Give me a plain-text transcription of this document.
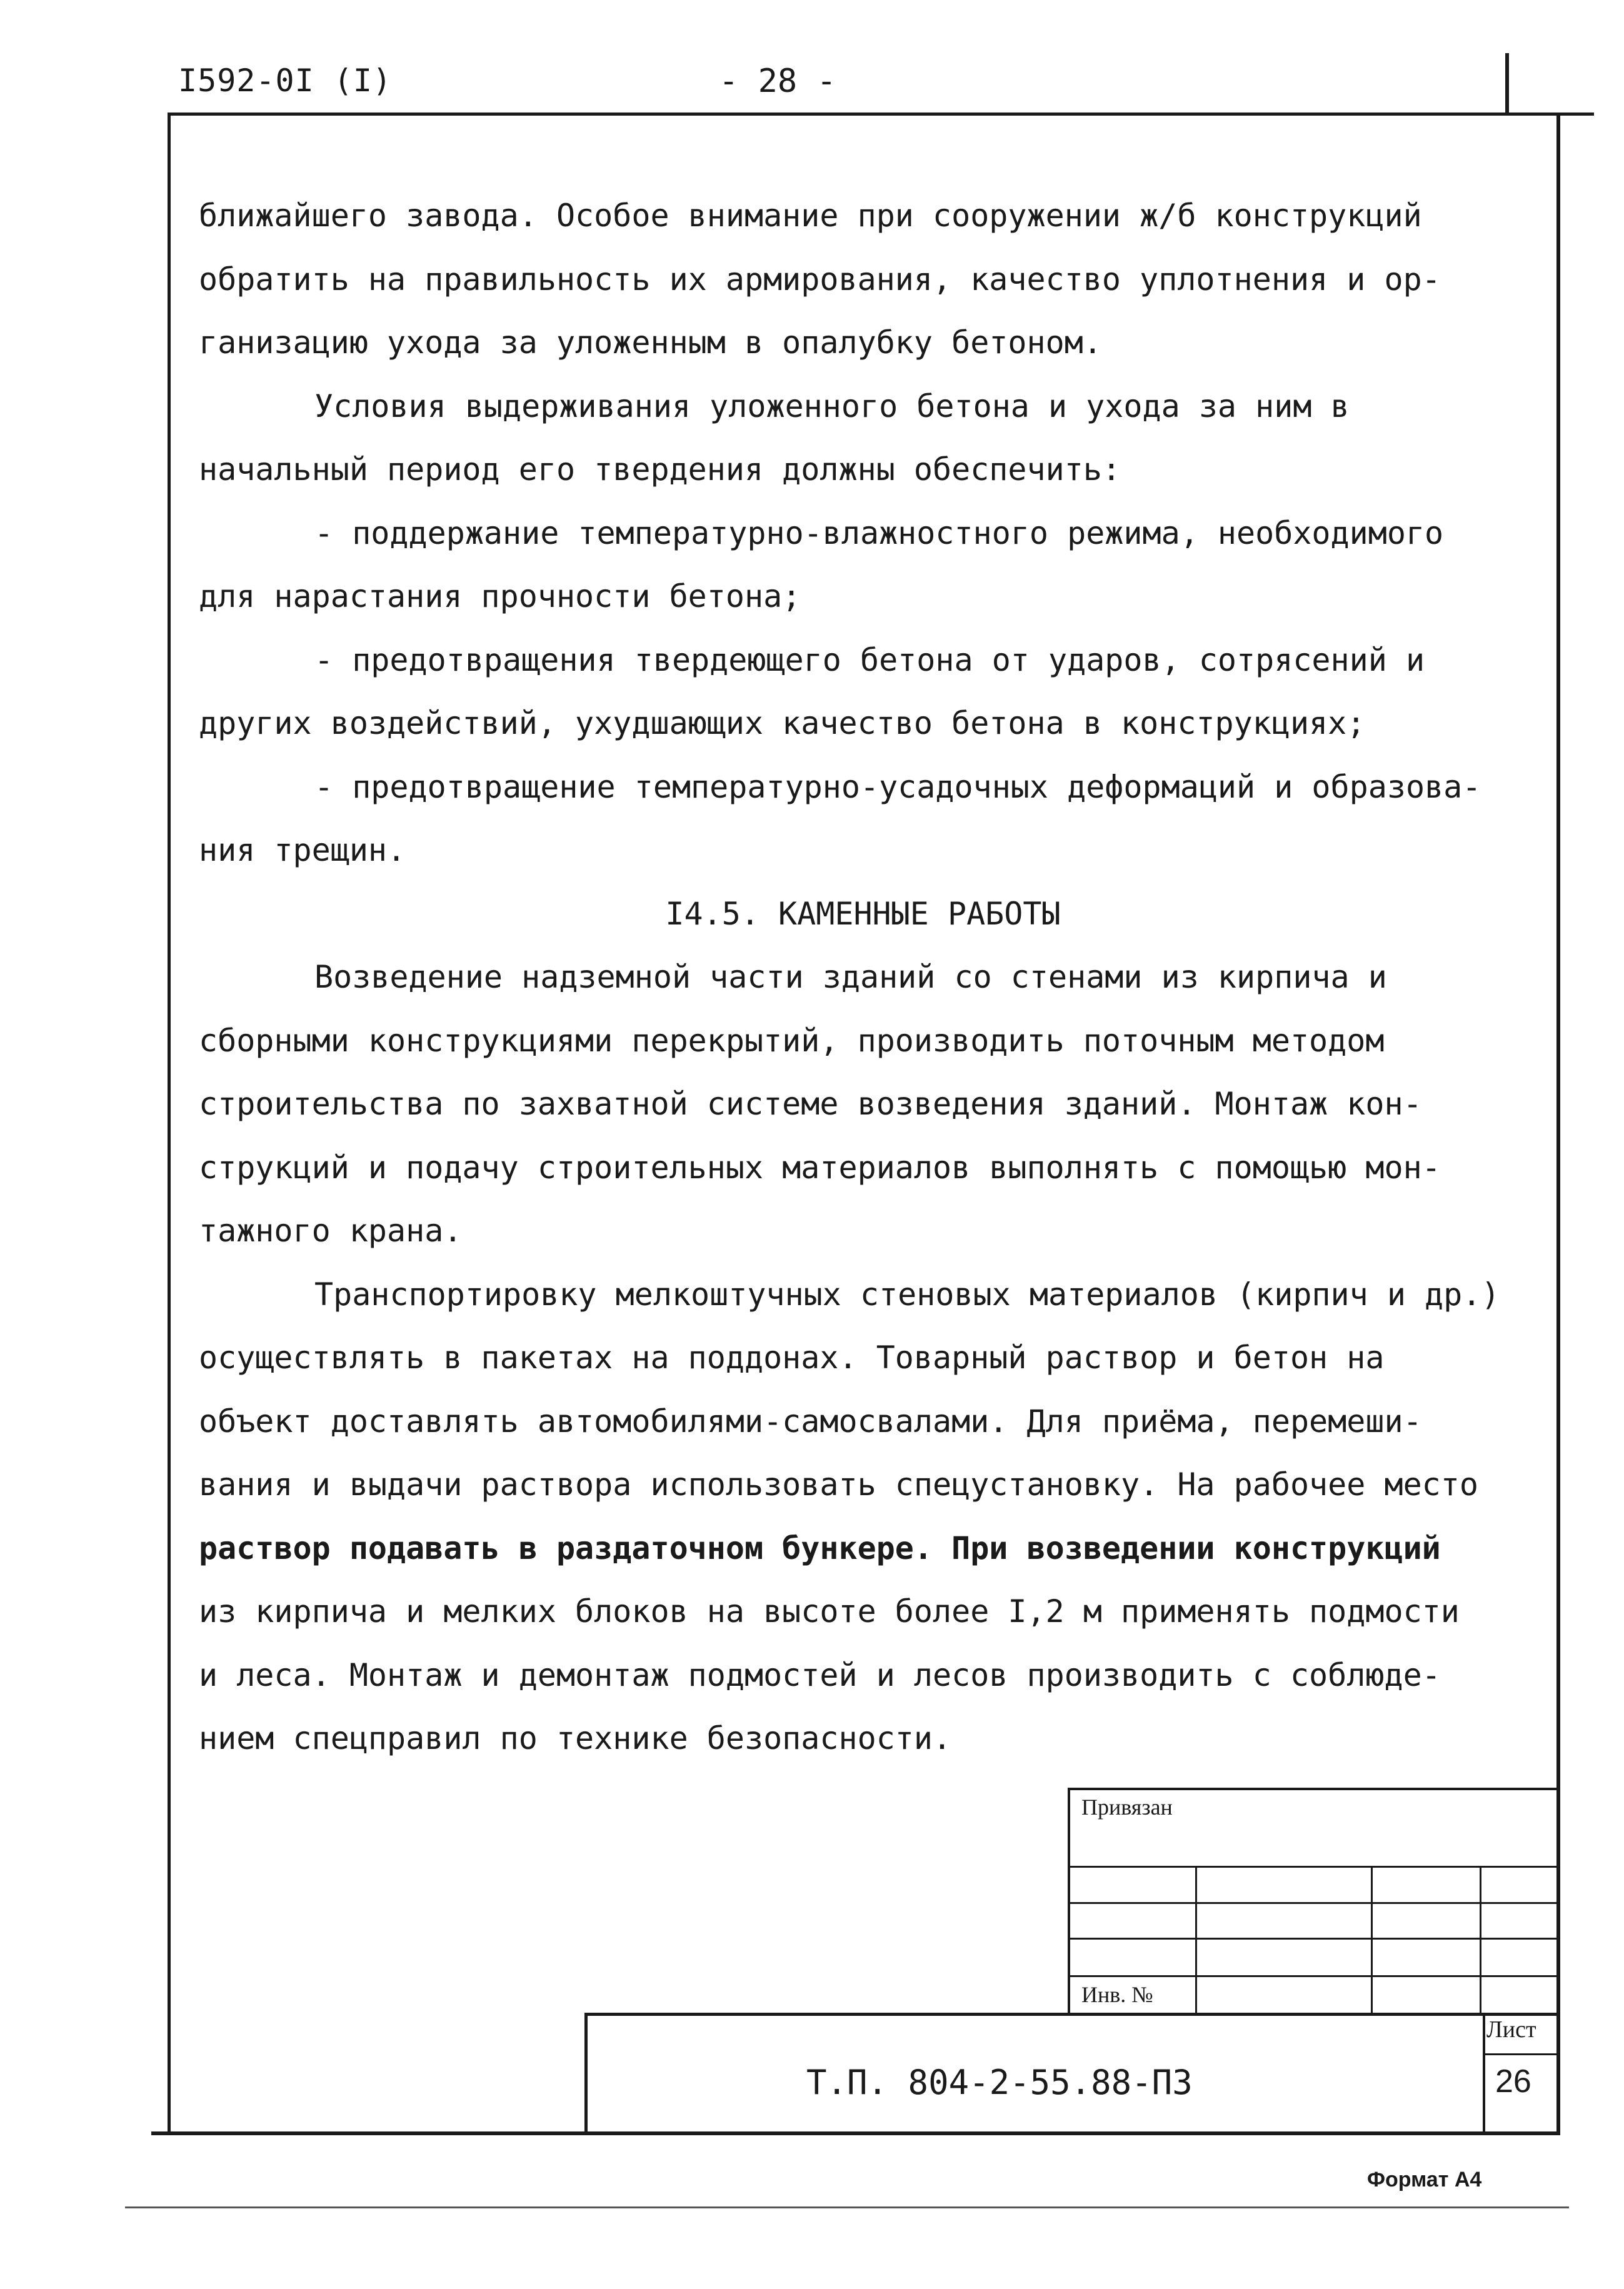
I592-0I (I)	- 28 -

ближайшего завода. Особое внимание при сооружении ж/б конструкций

обратить на правильность их армирования, качество уплотнения и ор-

ганизацию ухода за уложенным в опалубку бетоном.

Условия выдерживания уложенного бетона и ухода за ним в

начальный период его твердения должны обеспечить:

- поддержание температурно-влажностного режима, необходимого

для нарастания прочности бетона;

- предотвращения твердеющего бетона от ударов, сотрясений и

других воздействий, ухудшающих качество бетона в конструкциях;

- предотвращение температурно-усадочных деформаций и образова-

ния трещин.

I4.5. КАМЕННЫЕ РАБОТЫ

Возведение надземной части зданий со стенами из кирпича и

сборными конструкциями перекрытий, производить поточным методом

строительства по захватной системе возведения зданий. Монтаж кон-

струкций и подачу строительных материалов выполнять с помощью мон-

тажного крана.

Транспортировку мелкоштучных стеновых материалов (кирпич и др.)

осуществлять в пакетах на поддонах. Товарный раствор и бетон на

объект доставлять автомобилями-самосвалами. Для приёма, перемеши-

вания и выдачи раствора использовать спецустановку. На рабочее место

раствор подавать в раздаточном бункере. При возведении конструкций

из кирпича и мелких блоков на высоте более I,2 м применять подмости

и леса. Монтаж и демонтаж подмостей и лесов производить с соблюде-

нием спецправил по технике безопасности.

Привязан
Инв. №
Лист
Т.П. 804-2-55.88-ПЗ	26
Формат А4
